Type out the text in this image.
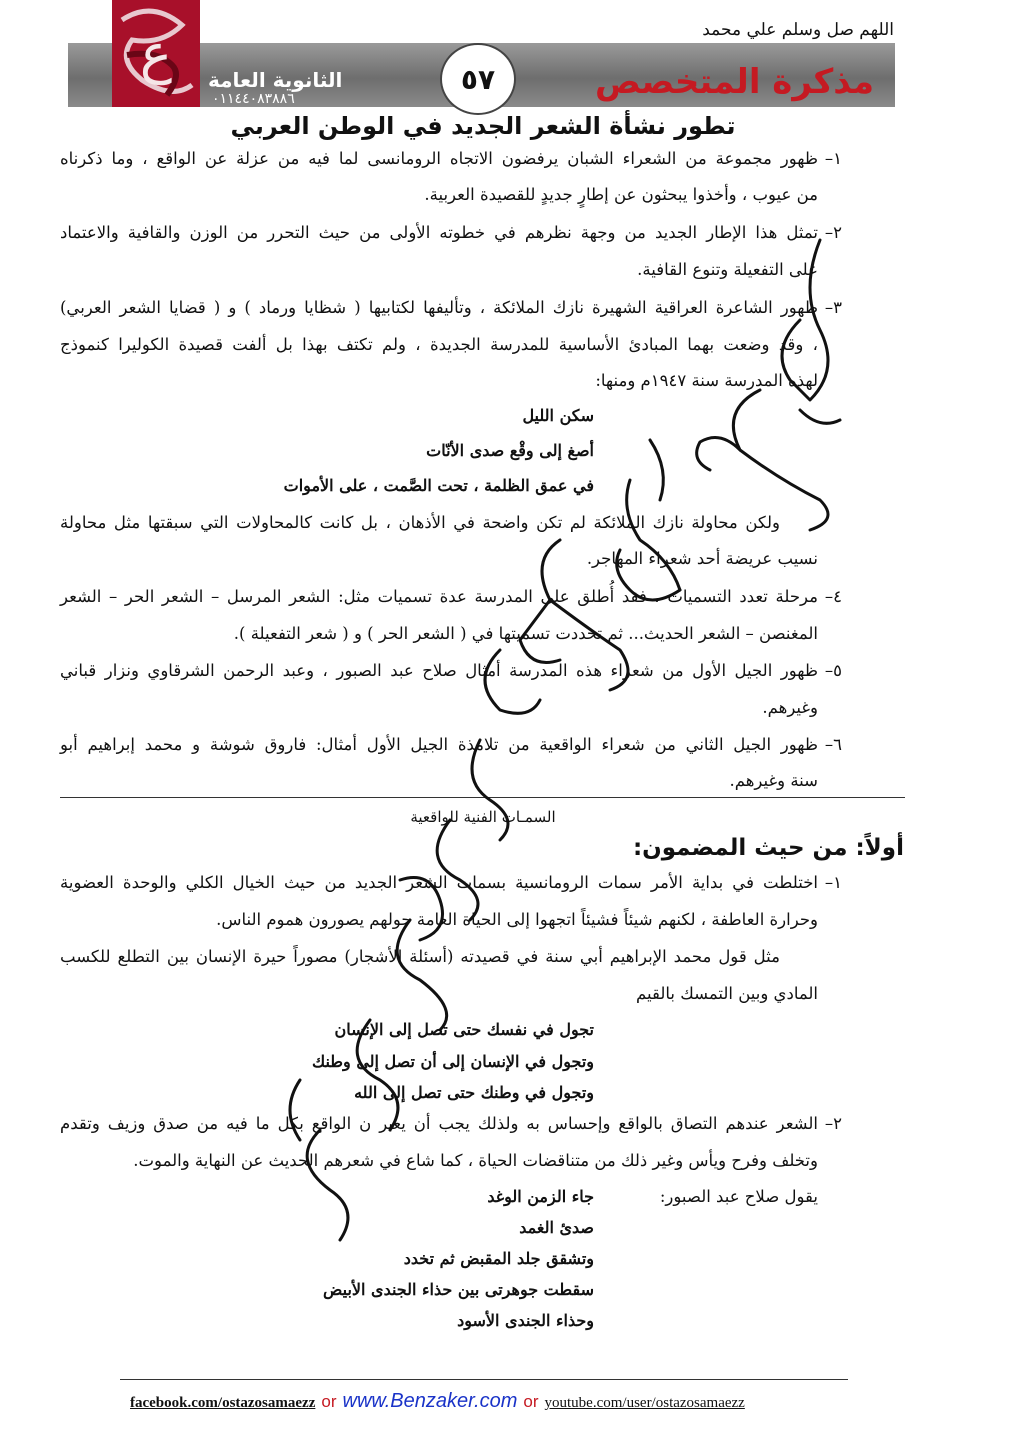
اللهم صل وسلم علي محمد
ع الثانوية العامة
٠١١٤٤٠٨٣٨٨٦
٥٧	مذكرة المتخصص
تطور نشأة الشعر الجديد في الوطن العربي
١–
ظهور مجموعة من الشعراء الشبان يرفضون الاتجاه الرومانسى لما فيه من عزلة عن الواقع ، وما ذكرناه
من عيوب ، وأخذوا يبحثون عن إطارٍ جديدٍ للقصيدة العربية.
٢–
تمثل هذا الإطار الجديد من وجهة نظرهم في خطوته الأولى من حيث التحرر من الوزن والقافية والاعتماد
على التفعيلة وتنوع القافية.
٣–
ظهور الشاعرة العراقية الشهيرة نازك الملائكة ، وتأليفها لكتابيها ( شظايا ورماد ) و ( قضايا الشعر العربي)
، وقد وضعت بهما المبادئ الأساسية للمدرسة الجديدة ، ولم تكتف بهذا بل ألفت قصيدة الكوليرا كنموذج
لهذه المدرسة سنة ١٩٤٧م ومنها:
سكن الليل
أصغ إلى وقْع صدى الأنّات
في عمق الظلمة ، تحت الصَّمت ، على الأموات
ولكن محاولة نازك الملائكة لم تكن واضحة في الأذهان ، بل كانت كالمحاولات التي سبقتها مثل محاولة
نسيب عريضة أحد شعراء المهاجر.
٤–
مرحلة تعدد التسميات ، فقد أُطلق على المدرسة عدة تسميات مثل: الشعر المرسل – الشعر الحر – الشعر
المغنصن – الشعر الحديث... ثم تحددت تسميتها في ( الشعر الحر ) و ( شعر التفعيلة ).
٥–
ظهور الجيل الأول من شعراء هذه المدرسة أمثال صلاح عبد الصبور ، وعبد الرحمن الشرقاوي ونزار قباني
وغيرهم.
٦–
ظهور الجيل الثاني من شعراء الواقعية من تلامذة الجيل الأول أمثال: فاروق شوشة و محمد إبراهيم أبو
سنة وغيرهم.
السمـات الفنية للواقعية
أولاً: من حيث المضمون:
١–
اختلطت في بداية الأمر سمات الرومانسية بسمات الشعر الجديد من حيث الخيال الكلي والوحدة العضوية
وحرارة العاطفة ، لكنهم شيئاً فشيئاً اتجهوا إلى الحياة العامة حولهم يصورون هموم الناس.
مثل قول محمد الإبراهيم أبي سنة في قصيدته (أسئلة الأشجار) مصوراً حيرة الإنسان بين التطلع للكسب
المادي وبين التمسك بالقيم
تجول في نفسك حتى تصل إلى الإنسان
وتجول في الإنسان إلى أن تصل إلى وطنك
وتجول في وطنك حتى تصل إلى الله
٢–
الشعر عندهم التصاق بالواقع وإحساس به ولذلك يجب أن يعبر ن الواقع بكل ما فيه من صدق وزيف وتقدم
وتخلف وفرح ويأس وغير ذلك من متناقضات الحياة ، كما شاع في شعرهم الحديث عن النهاية والموت.
يقول صلاح عبد الصبور:
جاء الزمن الوغد
صدئ الغمد
وتشقق جلد المقبض ثم تخدد
سقطت جوهرتى بين حذاء الجندى الأبيض
وحذاء الجندى الأسود
facebook.com/ostazosamaezz or www.Benzaker.com or youtube.com/user/ostazosamaezz
